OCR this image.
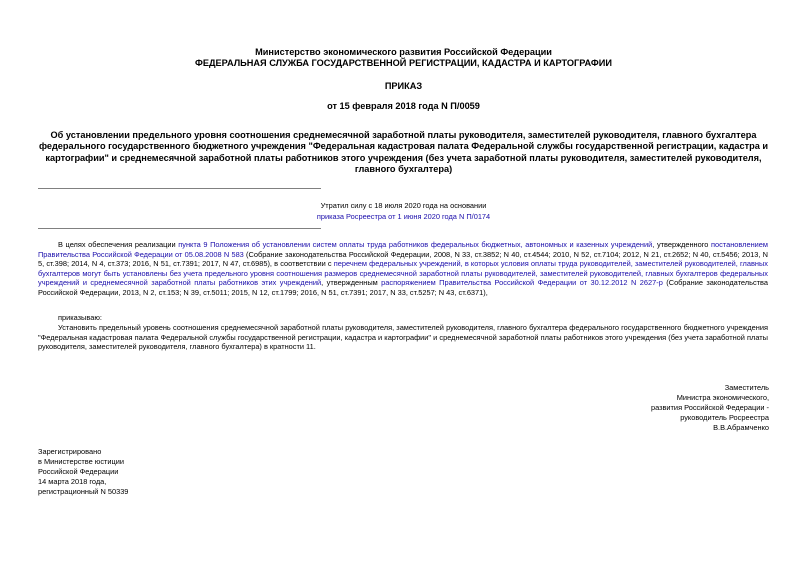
Министерство экономического развития Российской Федерации
ФЕДЕРАЛЬНАЯ СЛУЖБА ГОСУДАРСТВЕННОЙ РЕГИСТРАЦИИ, КАДАСТРА И КАРТОГРАФИИ
ПРИКАЗ
от 15 февраля 2018 года N П/0059
Об установлении предельного уровня соотношения среднемесячной заработной платы руководителя, заместителей руководителя, главного бухгалтера
федерального государственного бюджетного учреждения "Федеральная кадастровая палата Федеральной службы государственной регистрации, кадастра и
картографии" и среднемесячной заработной платы работников этого учреждения (без учета заработной платы руководителя, заместителей руководителя,
главного бухгалтера)
Утратил силу с 18 июля 2020 года на основании
приказа Росреестра от 1 июня 2020 года N П/0174
В целях обеспечения реализации пункта 9 Положения об установлении систем оплаты труда работников федеральных бюджетных, автономных и казенных учреждений, утвержденного постановлением Правительства Российской Федерации от 05.08.2008 N 583 (Собрание законодательства Российской Федерации, 2008, N 33, ст.3852; N 40, ст.4544; 2010, N 52, ст.7104; 2012, N 21, ст.2652; N 40, ст.5456; 2013, N 5, ст.398; 2014, N 4, ст.373; 2016, N 51, ст.7391; 2017, N 47, ст.6985), в соответствии с перечнем федеральных учреждений, в которых условия оплаты труда руководителей, заместителей руководителей, главных бухгалтеров могут быть установлены без учета предельного уровня соотношения размеров среднемесячной заработной платы руководителей, заместителей руководителей, главных бухгалтеров федеральных учреждений и среднемесячной заработной платы работников этих учреждений, утвержденным распоряжением Правительства Российской Федерации от 30.12.2012 N 2627-р (Собрание законодательства Российской Федерации, 2013, N 2, ст.153; N 39, ст.5011; 2015, N 12, ст.1799; 2016, N 51, ст.7391; 2017, N 33, ст.5257; N 43, ст.6371),
приказываю:
Установить предельный уровень соотношения среднемесячной заработной платы руководителя, заместителей руководителя, главного бухгалтера федерального государственного бюджетного учреждения "Федеральная кадастровая палата Федеральной службы государственной регистрации, кадастра и картографии" и среднемесячной заработной платы работников этого учреждения (без учета заработной платы руководителя, заместителей руководителя, главного бухгалтера) в кратности 11.
Заместитель
Министра экономического,
развития Российской Федерации -
руководитель Росреестра
В.В.Абрамченко
Зарегистрировано
в Министерстве юстиции
Российской Федерации
14 марта 2018 года,
регистрационный N 50339
